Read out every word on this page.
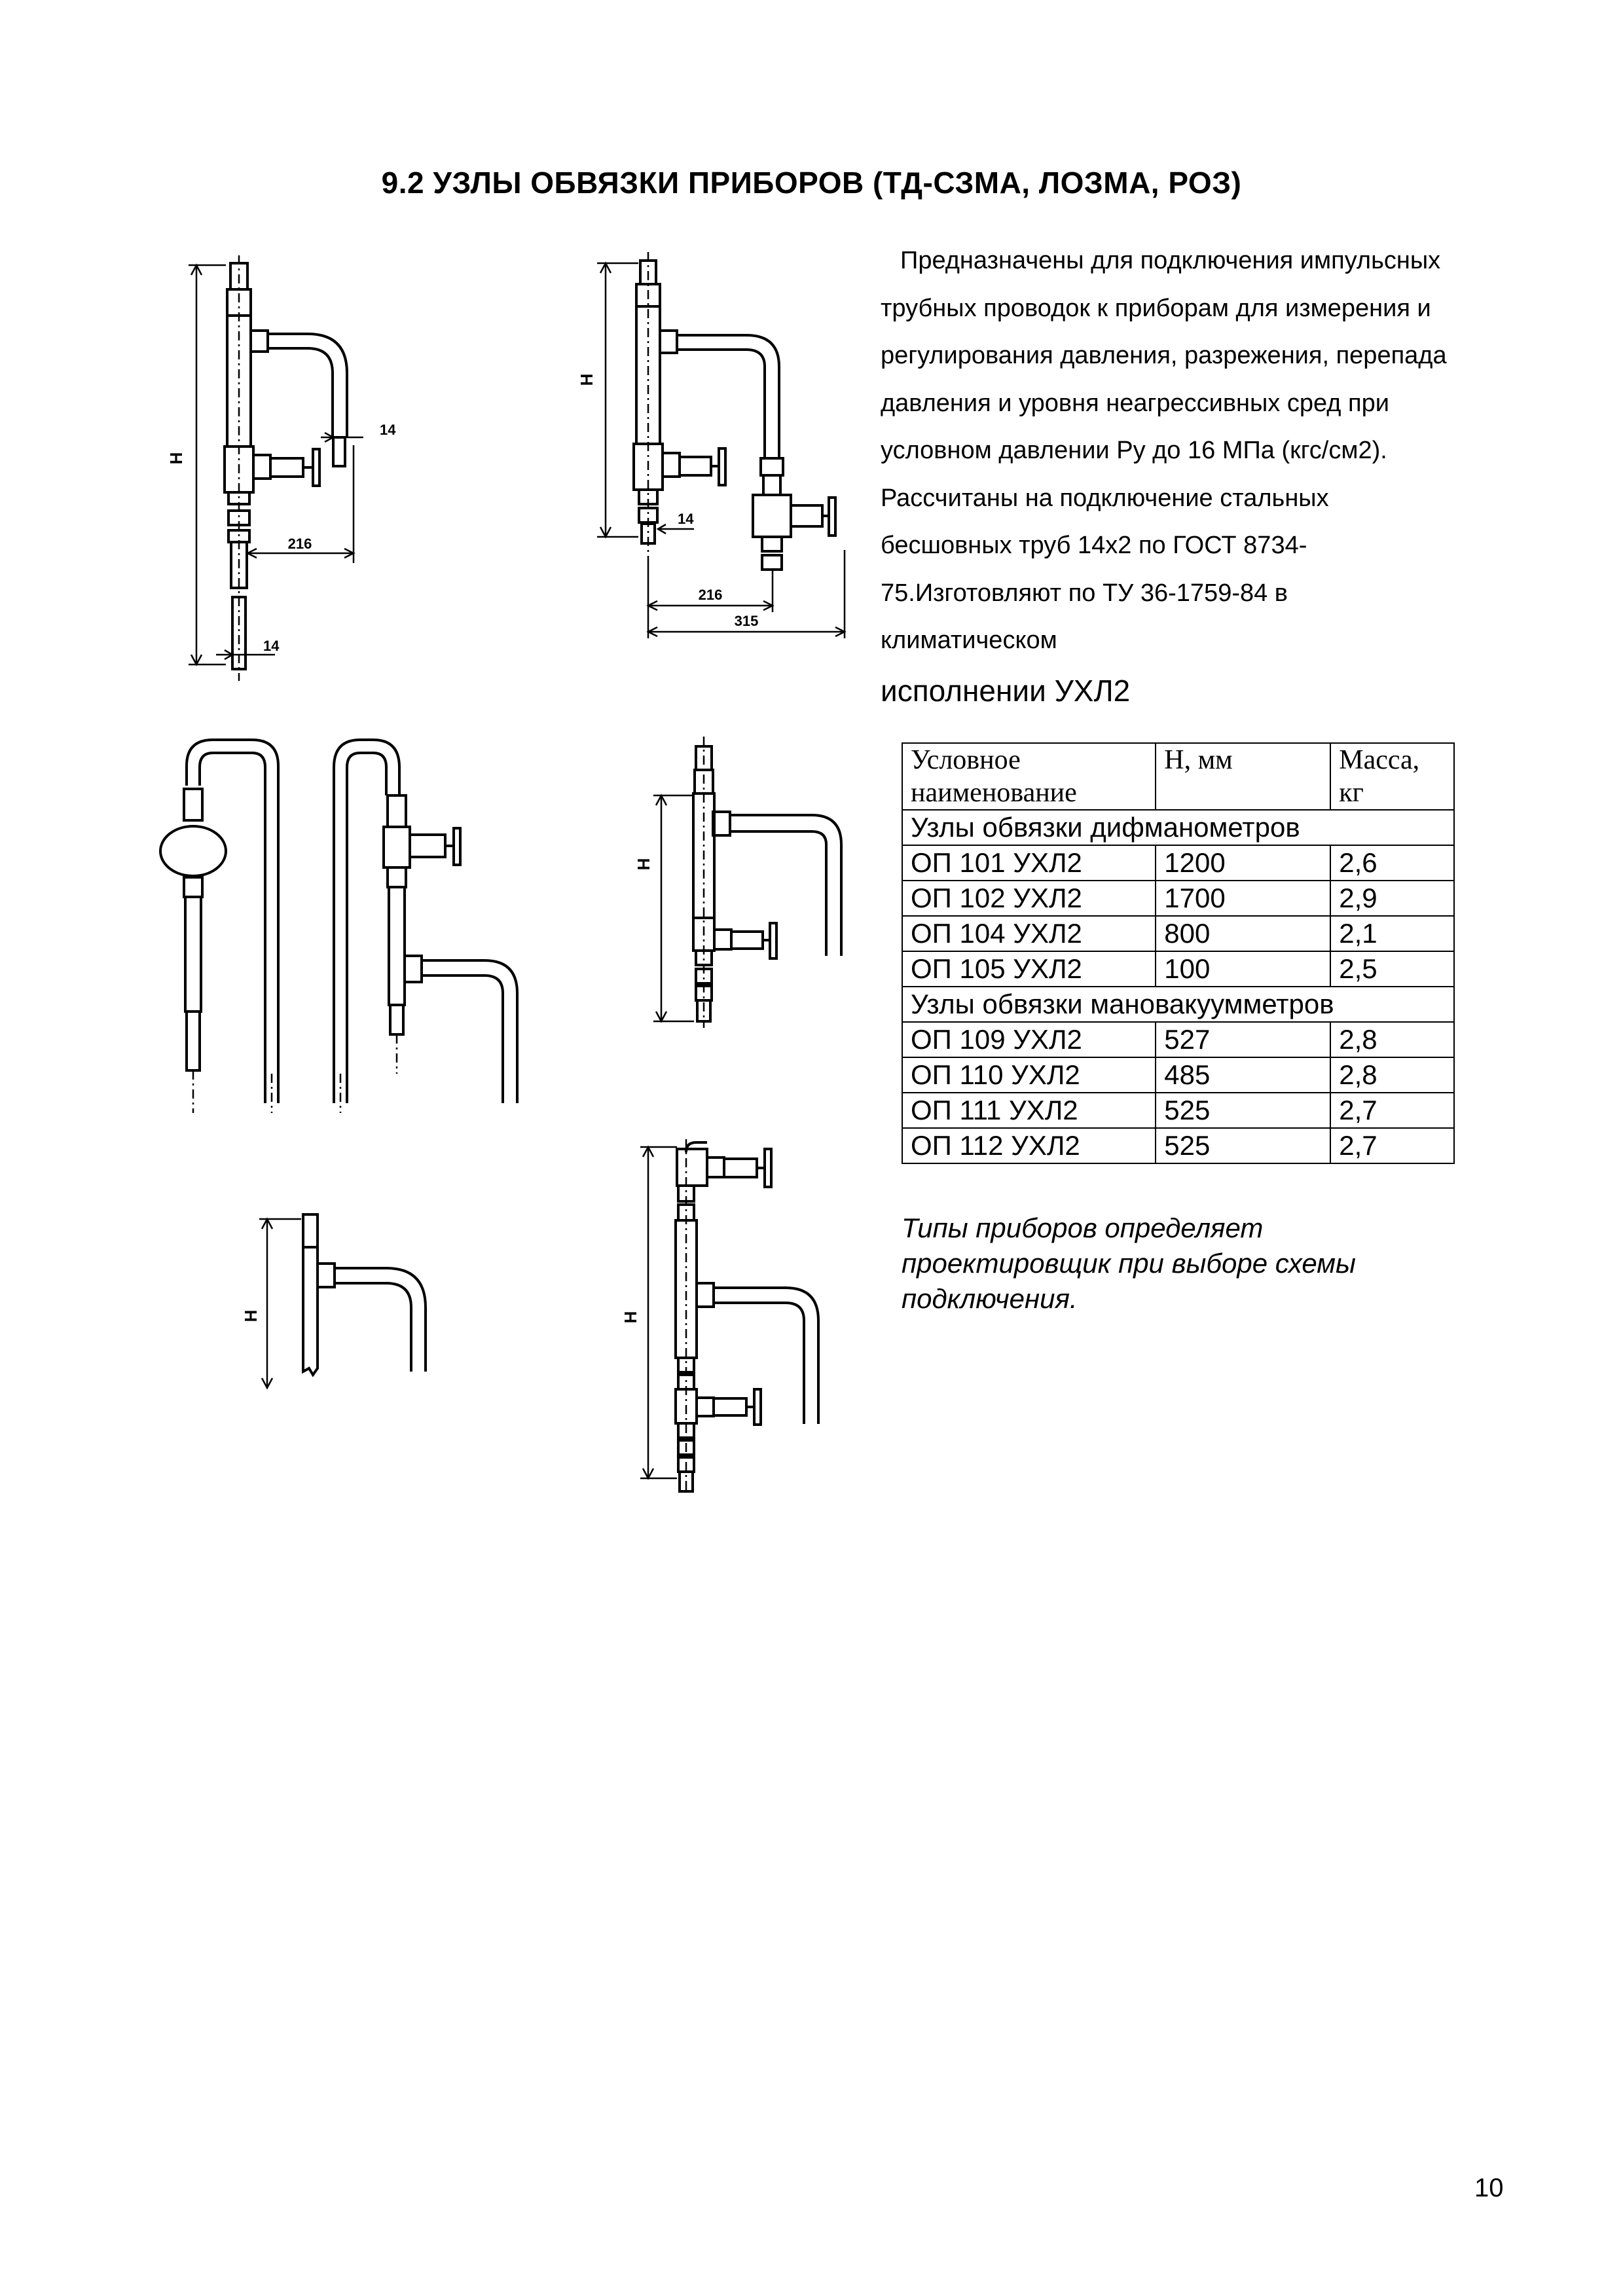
H
216
14
14
H
14
216
315
H
H	H
9.2 УЗЛЫ ОБВЯЗКИ ПРИБОРОВ (ТД-СЗМА, ЛОЗМА, РОЗ)
Предназначены для подключения импульсных
трубных проводок к приборам для измерения и
регулирования давления, разрежения, перепада
давления и уровня неагрессивных сред при
условном давлении Ру до 16 МПа (кгс/см2).
Рассчитаны на подключение стальных
бесшовных труб 14х2 по ГОСТ 8734-
75.Изготовляют по ТУ 36-1759-84 в
климатическом
исполнении УХЛ2
Условное наименование	Н, мм	Масса, кг
Узлы обвязки дифманометров		
ОП 101 УХЛ2	1200	2,6
ОП 102 УХЛ2	1700	2,9
ОП 104 УХЛ2	800	2,1
ОП 105 УХЛ2	100	2,5
Узлы обвязки мановакуумметров		
ОП 109 УХЛ2	527	2,8
ОП 110 УХЛ2	485	2,8
ОП 111 УХЛ2	525	2,7
ОП 112 УХЛ2	525	2,7
Типы приборов определяет
проектировщик при выборе схемы
подключения.
10
